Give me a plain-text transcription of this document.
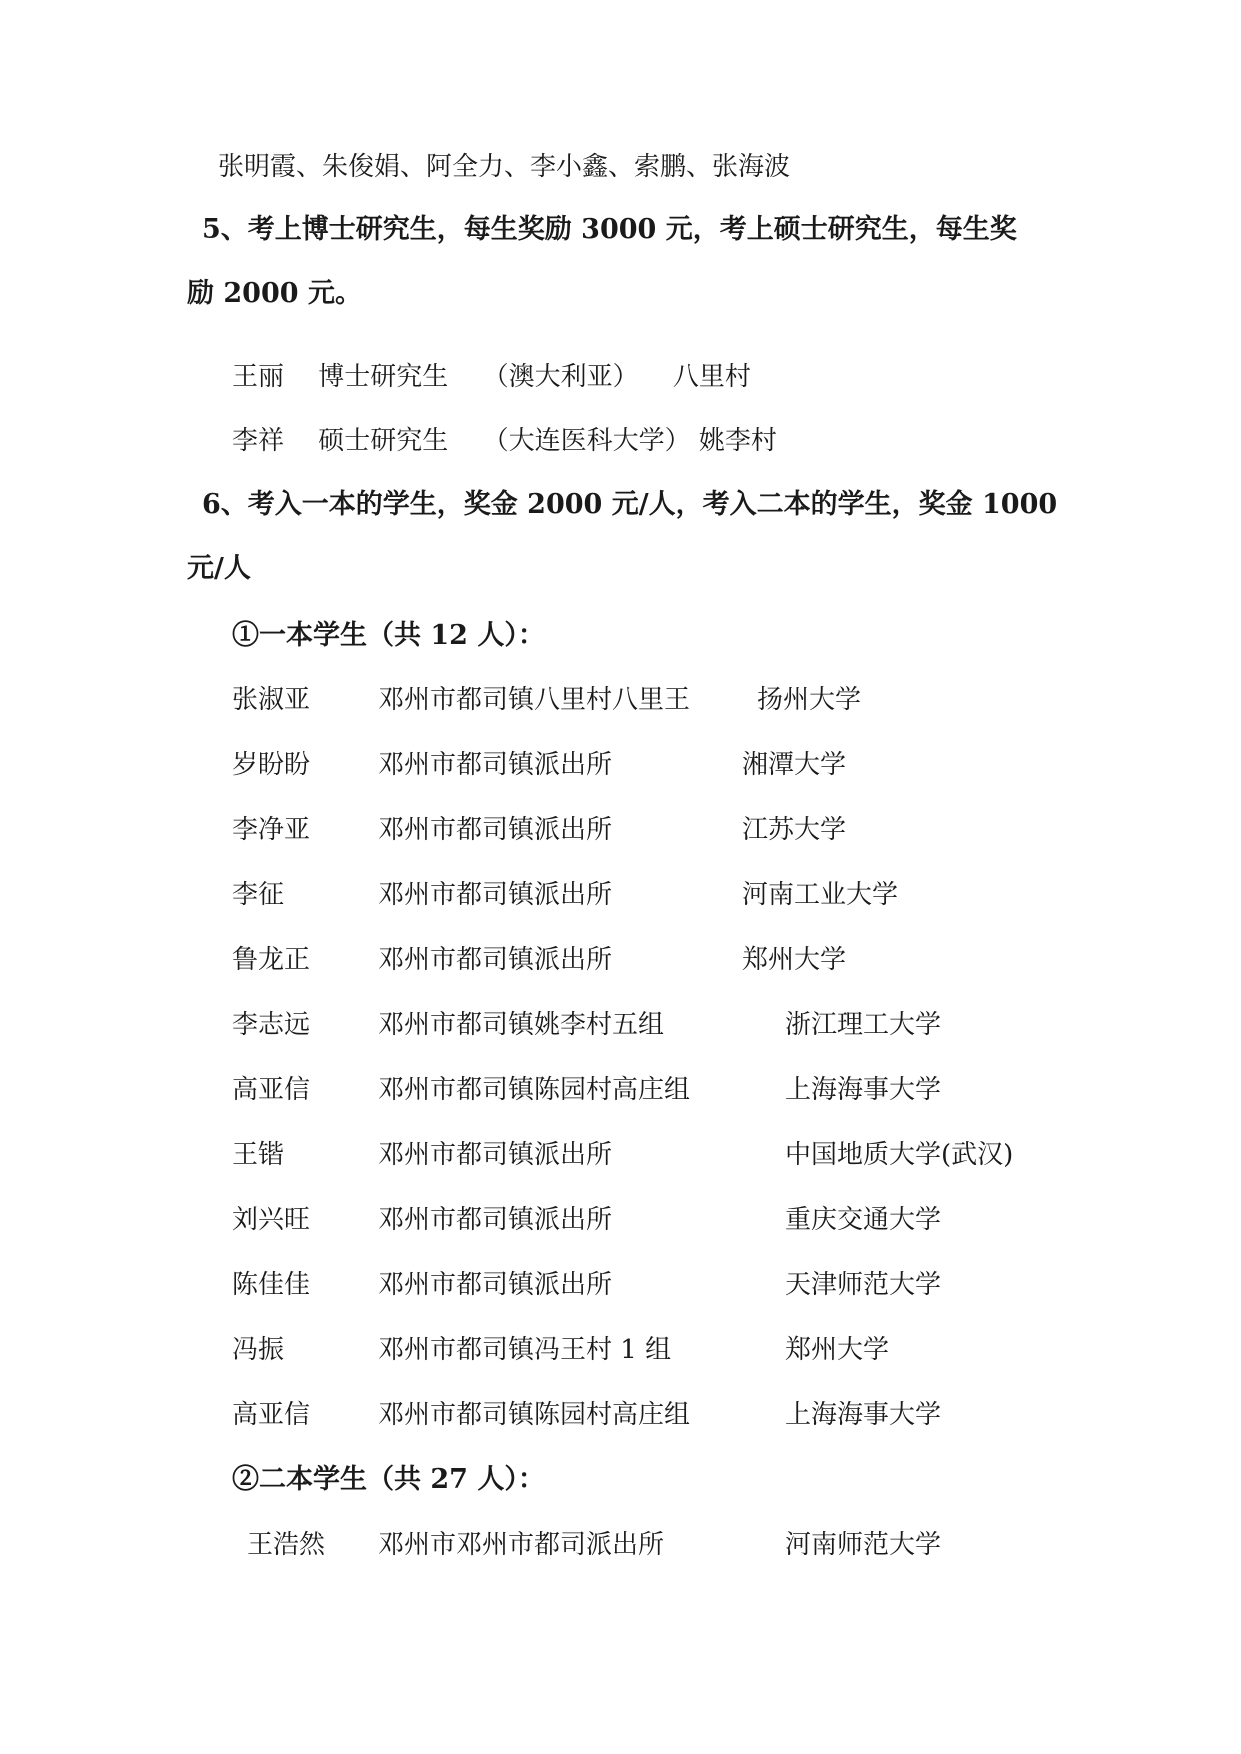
张明霞、朱俊娟、阿全力、李小鑫、索鹏、张海波
5、考上博士研究生，每生奖励 3000 元，考上硕士研究生，每生奖
励 2000 元。
王丽 博士研究生 （澳大利亚） 八里村
李祥 硕士研究生 （大连医科大学） 姚李村
6、考入一本的学生，奖金 2000 元/人，考入二本的学生，奖金 1000
元/人
①一本学生（共 12 人）：
张淑亚	邓州市都司镇八里村八里王	扬州大学
岁盼盼	邓州市都司镇派出所	湘潭大学
李净亚	邓州市都司镇派出所	江苏大学
李征	邓州市都司镇派出所	河南工业大学
鲁龙正	邓州市都司镇派出所	郑州大学
李志远	邓州市都司镇姚李村五组	浙江理工大学
高亚信	邓州市都司镇陈园村高庄组	上海海事大学
王锴	邓州市都司镇派出所	中国地质大学(武汉)
刘兴旺	邓州市都司镇派出所	重庆交通大学
陈佳佳	邓州市都司镇派出所	天津师范大学
冯振	邓州市都司镇冯王村 1 组	郑州大学
高亚信	邓州市都司镇陈园村高庄组	上海海事大学
②二本学生（共 27 人）：
王浩然 邓州市邓州市都司派出所	河南师范大学
